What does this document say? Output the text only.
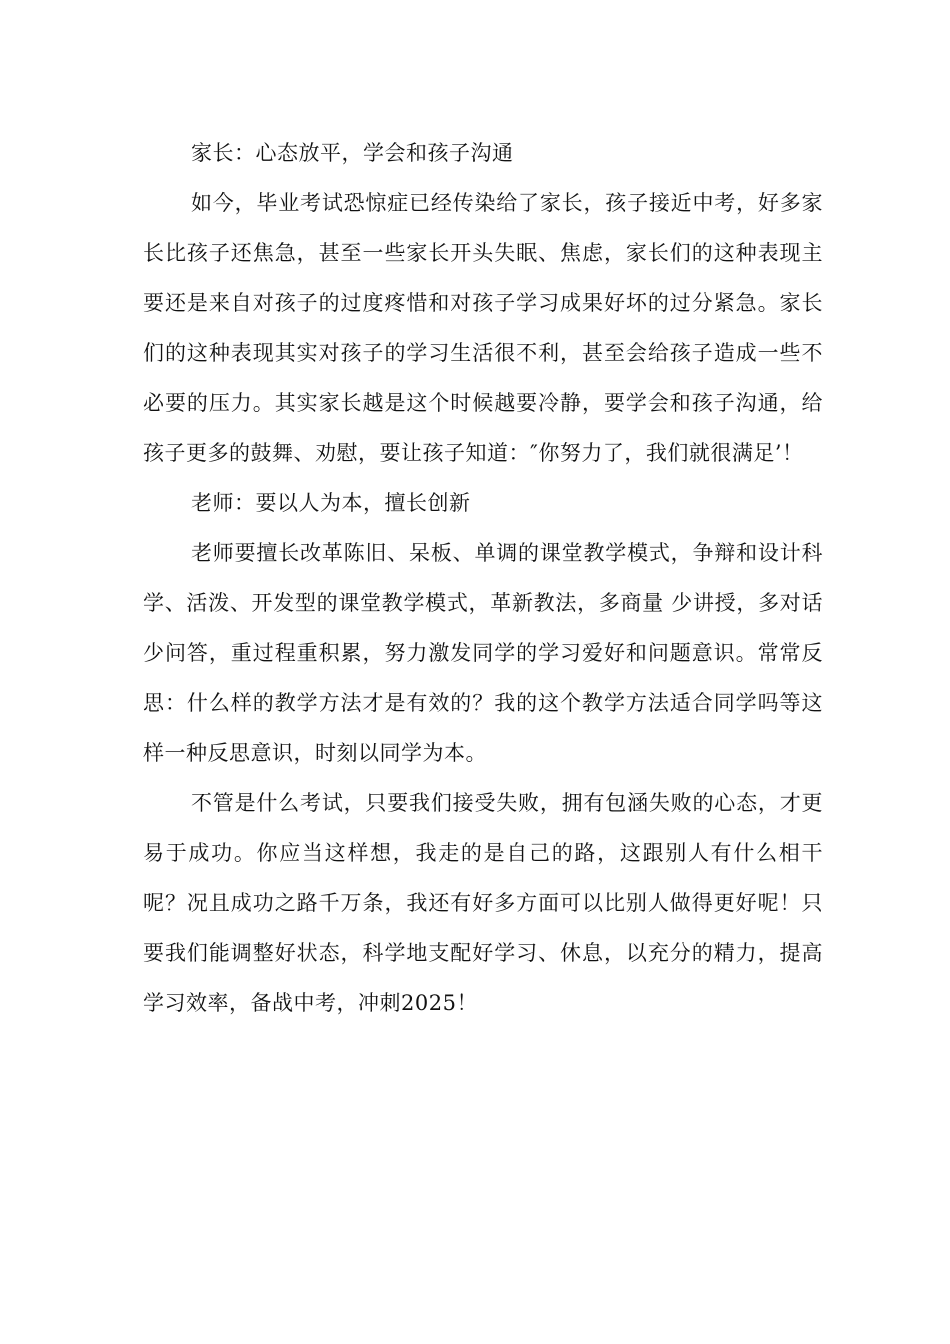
家长：心态放平，学会和孩子沟通

如今，毕业考试恐惊症已经传染给了家长，孩子接近中考，好多家长比孩子还焦急，甚至一些家长开头失眠、焦虑，家长们的这种表现主要还是来自对孩子的过度疼惜和对孩子学习成果好坏的过分紧急。家长们的这种表现其实对孩子的学习生活很不利，甚至会给孩子造成一些不必要的压力。其实家长越是这个时候越要冷静，要学会和孩子沟通，给孩子更多的鼓舞、劝慰，要让孩子知道：″你努力了，我们就很满足’！

老师：要以人为本，擅长创新

老师要擅长改革陈旧、呆板、单调的课堂教学模式，争辩和设计科学、活泼、开发型的课堂教学模式，革新教法，多商量 少讲授，多对话少问答，重过程重积累，努力激发同学的学习爱好和问题意识。常常反思：什么样的教学方法才是有效的？我的这个教学方法适合同学吗等这样一种反思意识，时刻以同学为本。

不管是什么考试，只要我们接受失败，拥有包涵失败的心态，才更易于成功。你应当这样想，我走的是自己的路，这跟别人有什么相干呢？况且成功之路千万条，我还有好多方面可以比别人做得更好呢！只要我们能调整好状态，科学地支配好学习、休息，以充分的精力，提高学习效率，备战中考，冲刺2025！
